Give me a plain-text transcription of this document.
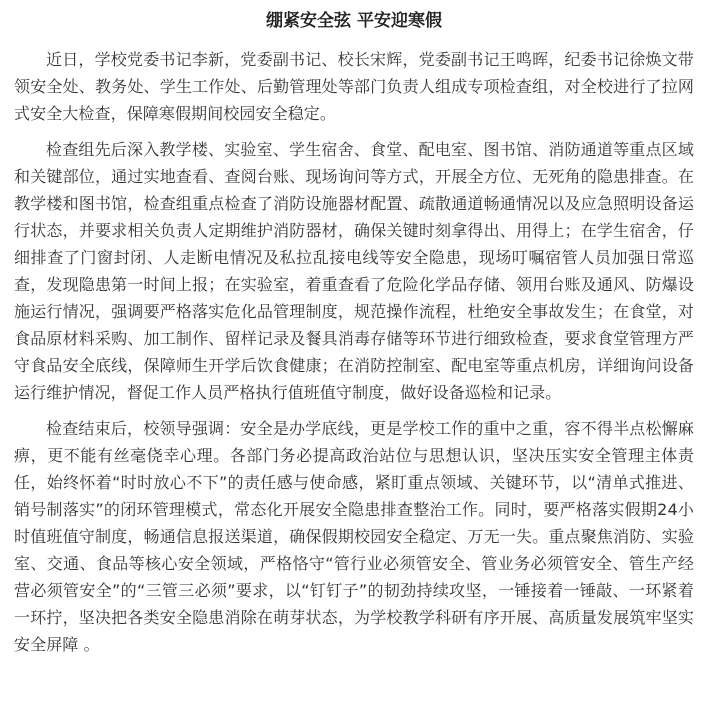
绷紧安全弦 平安迎寒假

近日，学校党委书记李新，党委副书记、校长宋辉，党委副书记王鸣晖，纪委书记徐焕文带领安全处、教务处、学生工作处、后勤管理处等部门负责人组成专项检查组，对全校进行了拉网式安全大检查，保障寒假期间校园安全稳定。

检查组先后深入教学楼、实验室、学生宿舍、食堂、配电室、图书馆、消防通道等重点区域和关键部位，通过实地查看、查阅台账、现场询问等方式，开展全方位、无死角的隐患排查。在教学楼和图书馆，检查组重点检查了消防设施器材配置、疏散通道畅通情况以及应急照明设备运行状态，并要求相关负责人定期维护消防器材，确保关键时刻拿得出、用得上；在学生宿舍，仔细排查了门窗封闭、人走断电情况及私拉乱接电线等安全隐患，现场叮嘱宿管人员加强日常巡查，发现隐患第一时间上报；在实验室，着重查看了危险化学品存储、领用台账及通风、防爆设施运行情况，强调要严格落实危化品管理制度，规范操作流程，杜绝安全事故发生；在食堂，对食品原材料采购、加工制作、留样记录及餐具消毒存储等环节进行细致检查，要求食堂管理方严守食品安全底线，保障师生开学后饮食健康；在消防控制室、配电室等重点机房，详细询问设备运行维护情况，督促工作人员严格执行值班值守制度，做好设备巡检和记录。

检查结束后，校领导强调：安全是办学底线，更是学校工作的重中之重，容不得半点松懈麻痹，更不能有丝毫侥幸心理。各部门务必提高政治站位与思想认识，坚决压实安全管理主体责任，始终怀着“时时放心不下”的责任感与使命感，紧盯重点领域、关键环节，以“清单式推进、销号制落实”的闭环管理模式，常态化开展安全隐患排查整治工作。同时，要严格落实假期24小时值班值守制度，畅通信息报送渠道，确保假期校园安全稳定、万无一失。重点聚焦消防、实验室、交通、食品等核心安全领域，严格恪守“管行业必须管安全、管业务必须管安全、管生产经营必须管安全”的“三管三必须”要求，以“钉钉子”的韧劲持续攻坚，一锤接着一锤敲、一环紧着一环拧，坚决把各类安全隐患消除在萌芽状态，为学校教学科研有序开展、高质量发展筑牢坚实安全屏障 。
